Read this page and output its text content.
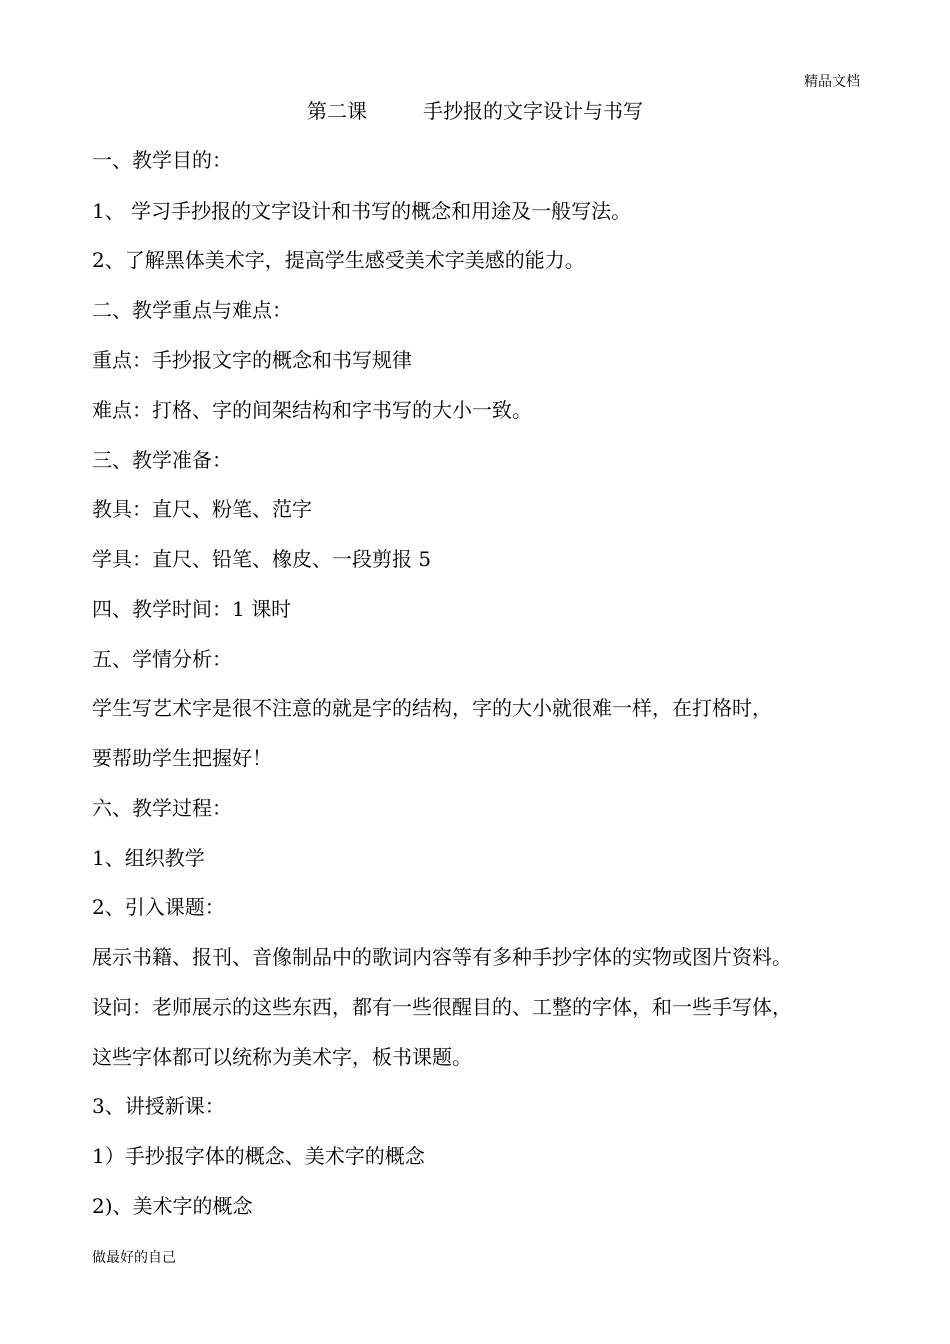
精品文档
第二课	手抄报的文字设计与书写
一、教学目的：
1、 学习手抄报的文字设计和书写的概念和用途及一般写法。
2、了解黑体美术字，提高学生感受美术字美感的能力。
二、教学重点与难点：
重点：手抄报文字的概念和书写规律
难点：打格、字的间架结构和字书写的大小一致。
三、教学准备：
教具：直尺、粉笔、范字
学具：直尺、铅笔、橡皮、一段剪报 5
四、教学时间：1 课时
五、学情分析：
学生写艺术字是很不注意的就是字的结构，字的大小就很难一样，在打格时，
要帮助学生把握好！
六、教学过程：
1、组织教学
2、引入课题：
展示书籍、报刊、音像制品中的歌词内容等有多种手抄字体的实物或图片资料。
设问：老师展示的这些东西，都有一些很醒目的、工整的字体，和一些手写体，
这些字体都可以统称为美术字，板书课题。
3、讲授新课：
1）手抄报字体的概念、美术字的概念
2)、美术字的概念
做最好的自己
